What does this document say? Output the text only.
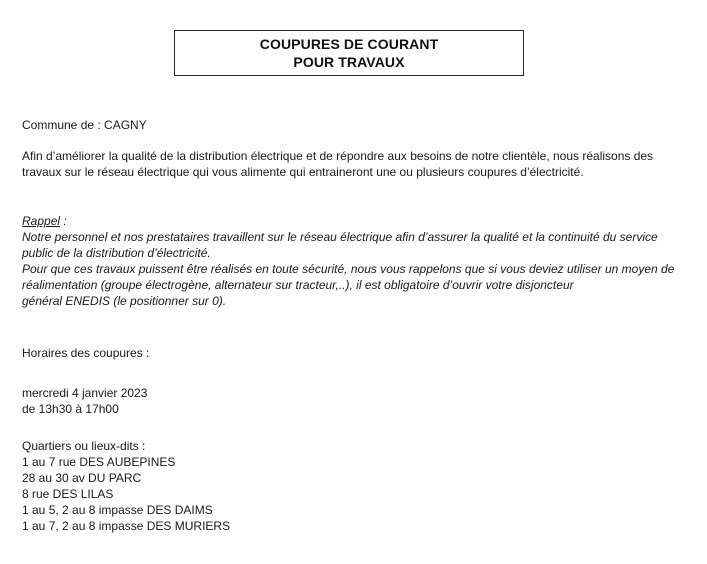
COUPURES DE COURANT
POUR TRAVAUX
Commune de : CAGNY
Afin d’améliorer la qualité de la distribution électrique et de répondre aux besoins de notre clientèle, nous réalisons des
travaux sur le réseau électrique qui vous alimente qui entraineront une ou plusieurs coupures d’électricité.
Rappel :
Notre personnel et nos prestataires travaillent sur le réseau électrique afin d’assurer la qualité et la continuité du service
public de la distribution d’électricité.
Pour que ces travaux puissent être réalisés en toute sécurité, nous vous rappelons que si vous deviez utiliser un moyen de
réalimentation (groupe électrogène, alternateur sur tracteur,..), il est obligatoire d’ouvrir votre disjoncteur
général ENEDIS (le positionner sur 0).
Horaires des coupures :
mercredi 4 janvier 2023
de 13h30 à 17h00
Quartiers ou lieux-dits :
1 au 7 rue DES AUBEPINES
28 au 30 av DU PARC
8 rue DES LILAS
1 au 5, 2 au 8 impasse DES DAIMS
1 au 7, 2 au 8 impasse DES MURIERS
